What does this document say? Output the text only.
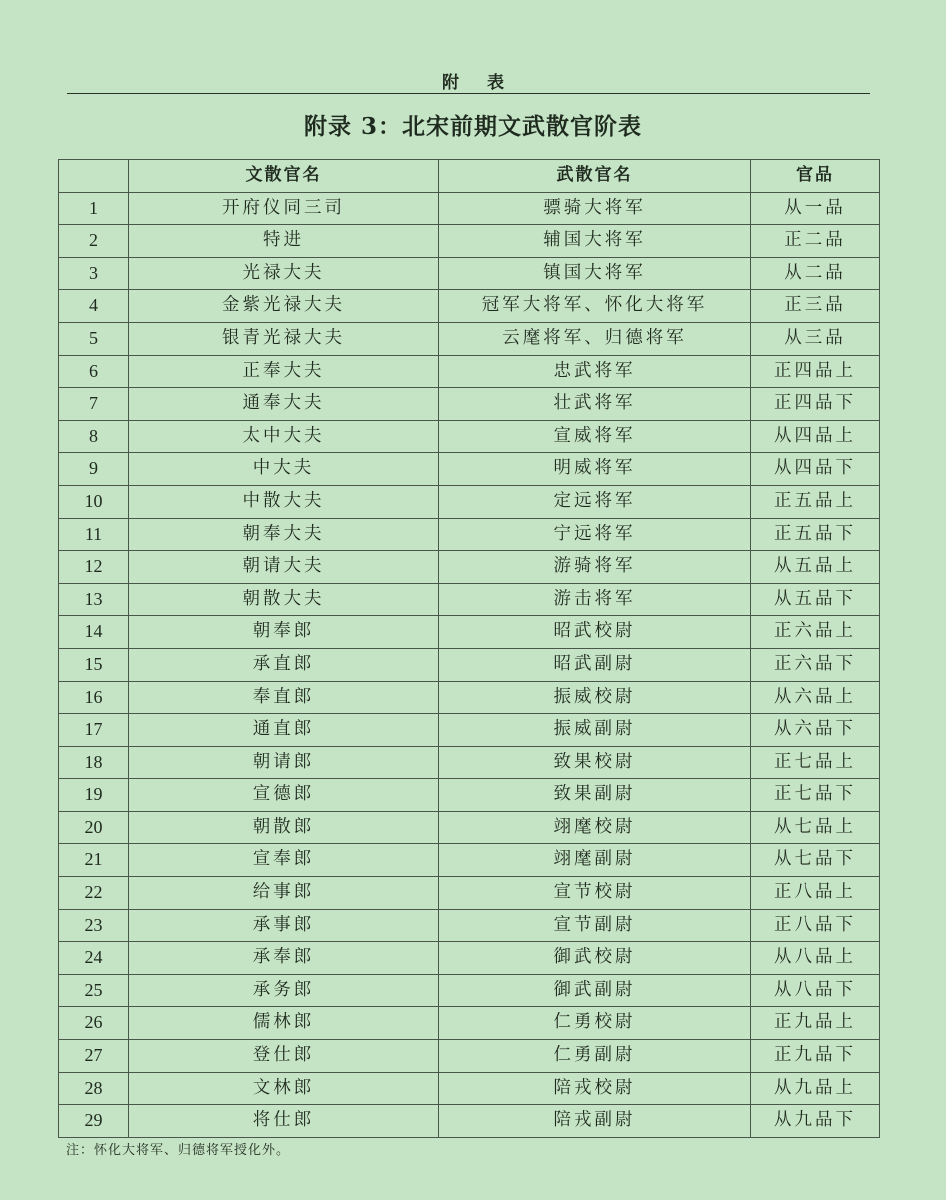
附表
附录 3：北宋前期文武散官阶表
	文散官名	武散官名	官品
1	开府仪同三司	骠骑大将军	从一品
2	特进	辅国大将军	正二品
3	光禄大夫	镇国大将军	从二品
4	金紫光禄大夫	冠军大将军、怀化大将军	正三品
5	银青光禄大夫	云麾将军、归德将军	从三品
6	正奉大夫	忠武将军	正四品上
7	通奉大夫	壮武将军	正四品下
8	太中大夫	宣威将军	从四品上
9	中大夫	明威将军	从四品下
10	中散大夫	定远将军	正五品上
11	朝奉大夫	宁远将军	正五品下
12	朝请大夫	游骑将军	从五品上
13	朝散大夫	游击将军	从五品下
14	朝奉郎	昭武校尉	正六品上
15	承直郎	昭武副尉	正六品下
16	奉直郎	振威校尉	从六品上
17	通直郎	振威副尉	从六品下
18	朝请郎	致果校尉	正七品上
19	宣德郎	致果副尉	正七品下
20	朝散郎	翊麾校尉	从七品上
21	宣奉郎	翊麾副尉	从七品下
22	给事郎	宣节校尉	正八品上
23	承事郎	宣节副尉	正八品下
24	承奉郎	御武校尉	从八品上
25	承务郎	御武副尉	从八品下
26	儒林郎	仁勇校尉	正九品上
27	登仕郎	仁勇副尉	正九品下
28	文林郎	陪戎校尉	从九品上
29	将仕郎	陪戎副尉	从九品下
注：怀化大将军、归德将军授化外。
